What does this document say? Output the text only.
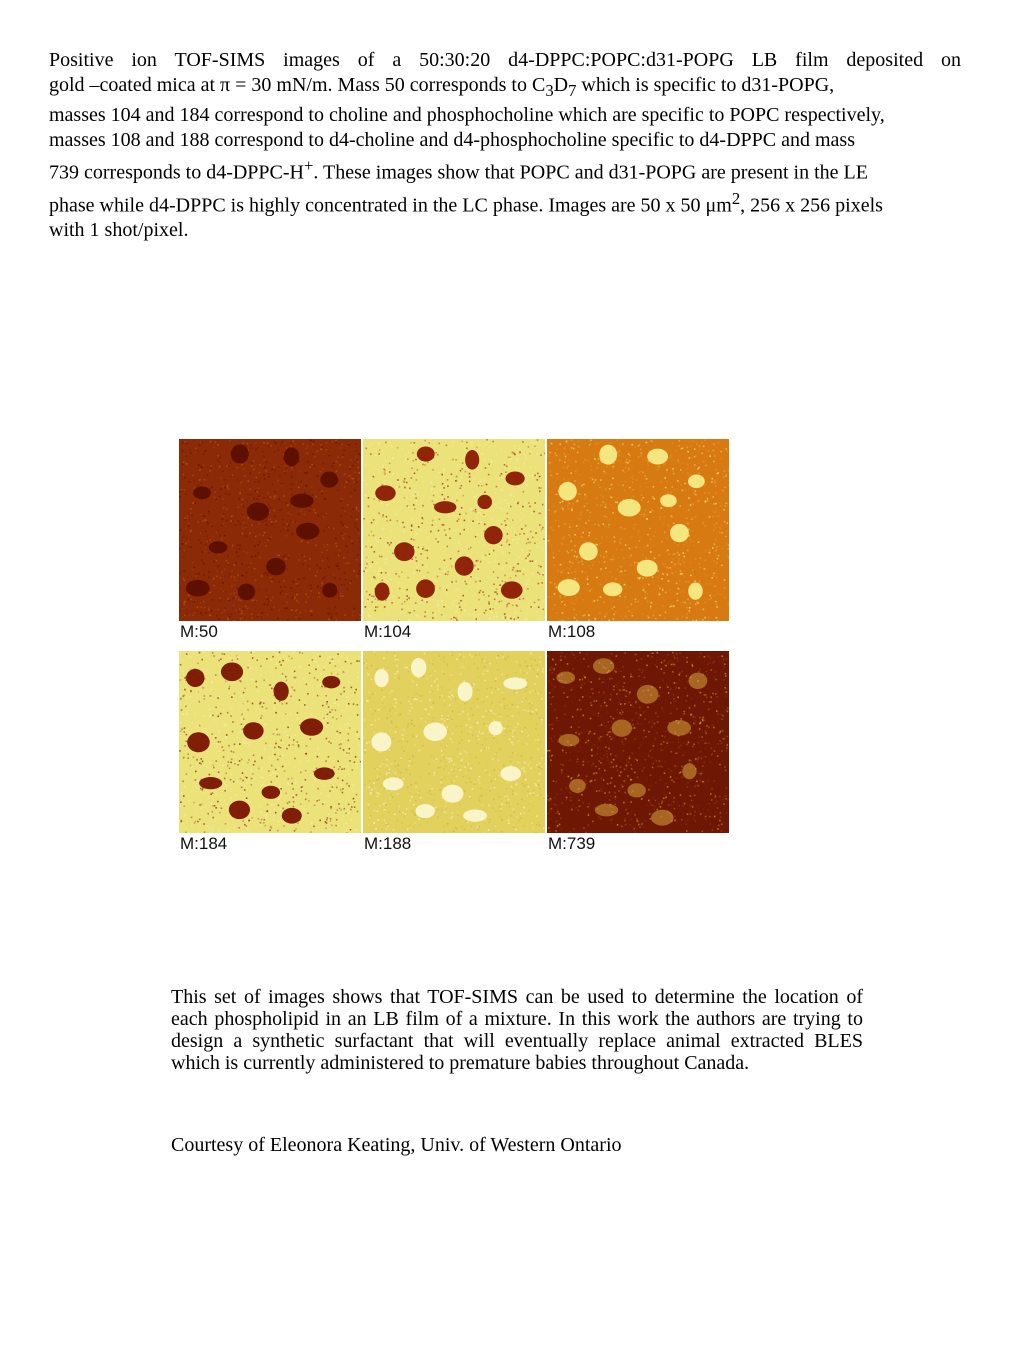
Positive ion TOF-SIMS images of a 50:30:20 d4-DPPC:POPC:d31-POPG LB film deposited on

gold –coated mica at π = 30 mN/m. Mass 50 corresponds to $C_3D_7$ which is specific to d31-POPG,

masses 104 and 184 correspond to choline and phosphocholine which are specific to POPC respectively,

masses 108 and 188 correspond to d4-choline and d4-phosphocholine specific to d4-DPPC and mass

739 corresponds to d4-DPPC-H+. These images show that POPC and d31-POPG are present in the LE

phase while d4-DPPC is highly concentrated in the LC phase. Images are 50 x 50 $\mu m^2$, 256 x 256 pixels

with 1 shot/pixel.

M:50	M:104	M:108
M:184	M:188	M:739

This set of images shows that TOF-SIMS can be used to determine the location of each phospholipid in an LB film of a mixture. In this work the authors are trying to design a synthetic surfactant that will eventually replace animal extracted BLES which is currently administered to premature babies throughout Canada.

Courtesy of Eleonora Keating, Univ. of Western Ontario
